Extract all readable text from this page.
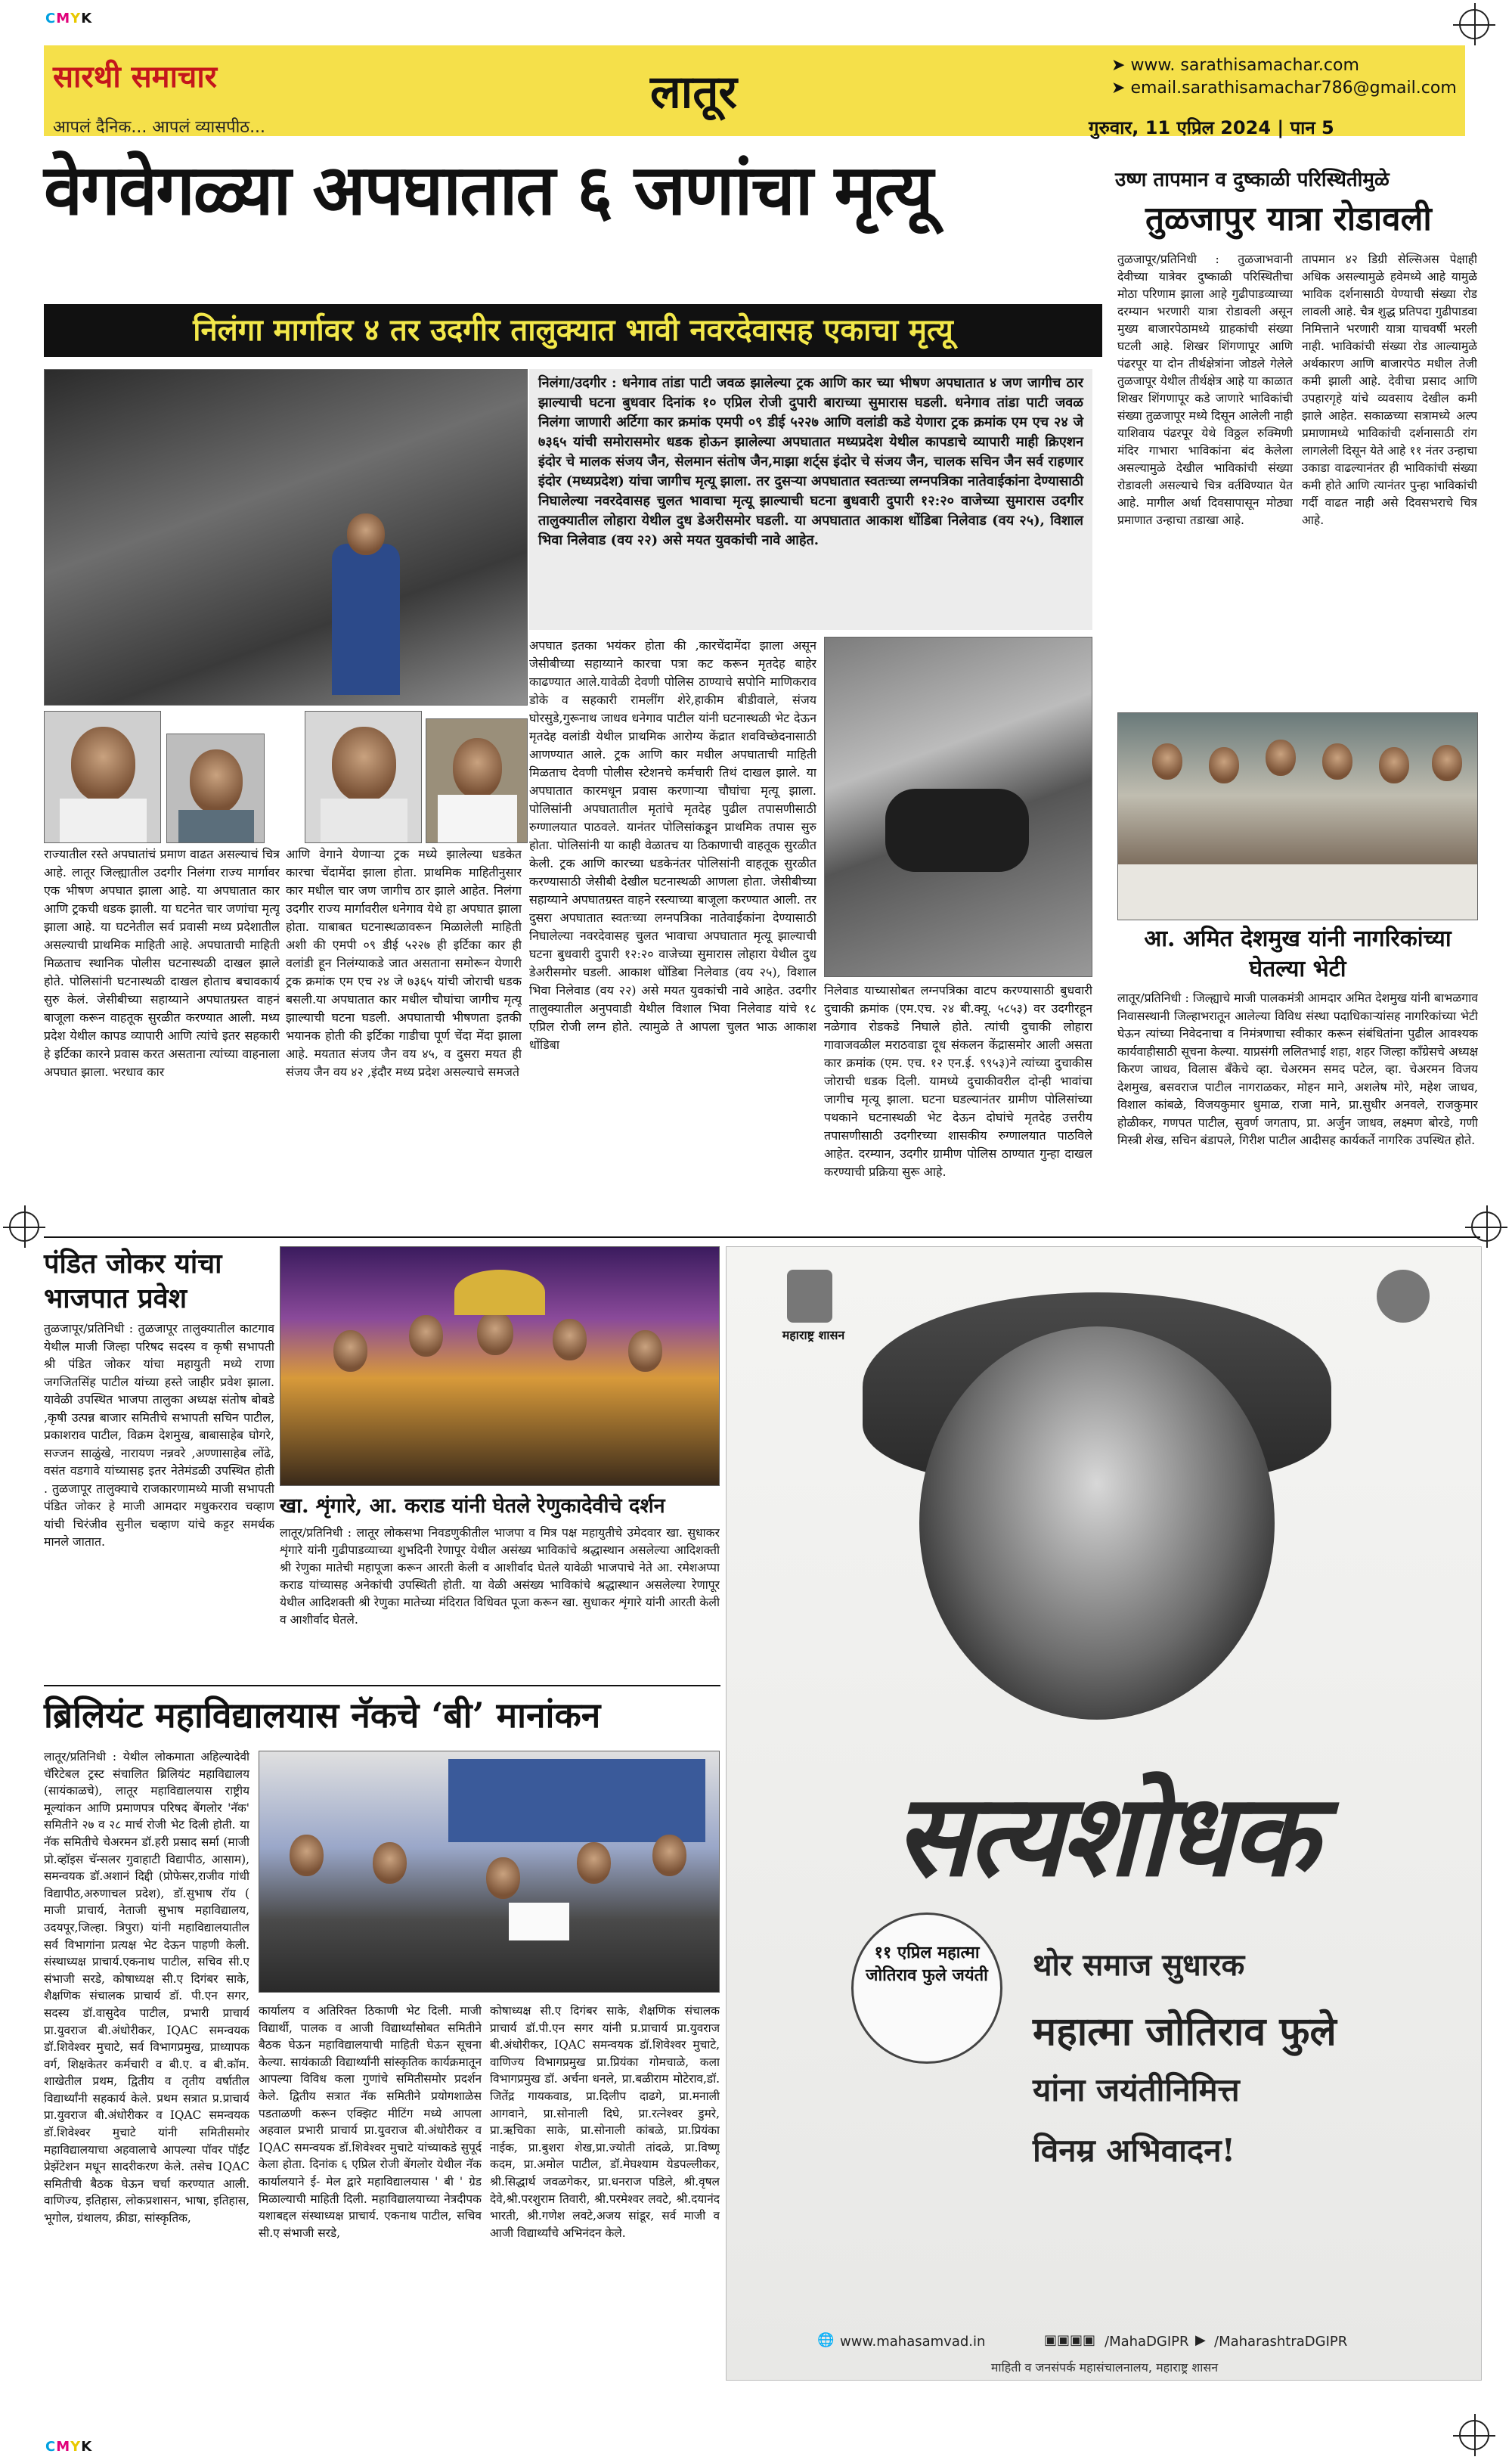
CMYK
CMYK
सारथी समाचार
आपलं दैनिक... आपलं व्यासपीठ...
लातूर
➤ www. sarathisamachar.com
➤ email.sarathisamachar786@gmail.com
गुरुवार, 11 एप्रिल 2024 | पान 5
वेगवेगळ्या अपघातात ६ जणांचा मृत्यू
निलंगा मार्गावर ४ तर उदगीर तालुक्यात भावी नवरदेवासह एकाचा मृत्यू
निलंगा/उदगीर : धनेगाव तांडा पाटी जवळ झालेल्या ट्रक आणि कार च्या भीषण अपघातात ४ जण जागीच ठार झाल्याची घटना बुधवार दिनांक १० एप्रिल रोजी दुपारी बाराच्या सुमारास घडली. धनेगाव तांडा पाटी जवळ निलंगा जाणारी अर्टिगा कार क्रमांक एमपी ०९ डीई ५२२७ आणि वलांडी कडे येणारा ट्रक क्रमांक एम एच २४ जे ७३६५ यांची समोरासमोर धडक होऊन झालेल्या अपघातात मध्यप्रदेश येथील कापडाचे व्यापारी माही क्रिएशन इंदोर चे मालक संजय जैन, सेलमान संतोष जैन,माझा शर्ट्स इंदोर चे संजय जैन, चालक सचिन जैन सर्व राहणार इंदोर (मध्यप्रदेश) यांचा जागीच मृत्यू झाला. तर दुसऱ्या अपघातात स्वतःच्या लग्नपत्रिका नातेवाईकांना देण्यासाठी निघालेल्या नवरदेवासह चुलत भावाचा मृत्यू झाल्याची घटना बुधवारी दुपारी १२:२० वाजेच्या सुमारास उदगीर तालुक्यातील लोहारा येथील दुध डेअरीसमोर घडली. या अपघातात आकाश धोंडिबा निलेवाड (वय २५), विशाल भिवा निलेवाड (वय २२) असे मयत युवकांची नावे आहेत.
राज्यातील रस्ते अपघातांचं प्रमाण वाढत असल्याचं चित्र आहे. लातूर जिल्ह्यातील उदगीर निलंगा राज्य मार्गावर एक भीषण अपघात झाला आहे. या अपघातात कार आणि ट्रकची धडक झाली. या घटनेत चार जणांचा मृत्यू झाला आहे. या घटनेतील सर्व प्रवासी मध्य प्रदेशातील असल्याची प्राथमिक माहिती आहे. अपघाताची माहिती मिळताच स्थानिक पोलीस घटनास्थळी दाखल झाले होते. पोलिसांनी घटनास्थळी दाखल होताच बचावकार्य सुरु केलं. जेसीबीच्या सहाय्याने अपघातग्रस्त वाहनं बाजूला करून वाहतूक सुरळीत करण्यात आली. मध्य प्रदेश येथील कापड व्यापारी आणि त्यांचे इतर सहकारी हे इर्टिका कारने प्रवास करत असताना त्यांच्या वाहनाला अपघात झाला. भरधाव कार
आणि वेगाने येणाऱ्या ट्रक मध्ये झालेल्या धडकेत कारचा चेंदामेंदा झाला होता. प्राथमिक माहितीनुसार कार मधील चार जण जागीच ठार झाले आहेत. निलंगा उदगीर राज्य मार्गावरील धनेगाव येथे हा अपघात झाला होता. याबाबत घटनास्थळावरून मिळालेली माहिती अशी की एमपी ०९ डीई ५२२७ ही इर्टिका कार ही वलांडी हून निलंग्याकडे जात असताना समोरून येणारी ट्रक क्रमांक एम एच २४ जे ७३६५ यांची जोराची धडक बसली.या अपघातात कार मधील चौघांचा जागीच मृत्यू झाल्याची घटना घडली. अपघाताची भीषणता इतकी भयानक होती की इर्टिका गाडीचा पूर्ण चेंदा मेंदा झाला आहे. मयतात संजय जैन वय ४५, व दुसरा मयत ही संजय जैन वय ४२ ,इंदौर मध्य प्रदेश असल्याचे समजते
अपघात इतका भयंकर होता की ,कारचेंदामेंदा झाला असून जेसीबीच्या सहाय्याने कारचा पत्रा कट करून मृतदेह बाहेर काढण्यात आले.यावेळी देवणी पोलिस ठाण्याचे सपोनि माणिकराव डोके व सहकारी रामलींग शेरे,हाकीम बीडीवाले, संजय घोरसुडे,गुरूनाथ जाधव धनेगाव पाटील यांनी घटनास्थळी भेट देऊन मृतदेह वलांडी येथील प्राथमिक आरोग्य केंद्रात शवविच्छेदनासाठी आणण्यात आले. ट्रक आणि कार मधील अपघाताची माहिती मिळताच देवणी पोलीस स्टेशनचे कर्मचारी तिथं दाखल झाले. या अपघातात कारमधून प्रवास करणाऱ्या चौघांचा मृत्यू झाला. पोलिसांनी अपघातातील मृतांचे मृतदेह पुढील तपासणीसाठी रुग्णालयात पाठवले. यानंतर पोलिसांकडून प्राथमिक तपास सुरु होता. पोलिसांनी या काही वेळातच या ठिकाणाची वाहतूक सुरळीत केली. ट्रक आणि कारच्या धडकेनंतर पोलिसांनी वाहतूक सुरळीत करण्यासाठी जेसीबी देखील घटनास्थळी आणला होता. जेसीबीच्या सहाय्याने अपघातग्रस्त वाहने रस्त्याच्या बाजूला करण्यात आली. तर दुसरा अपघातात स्वतःच्या लग्नपत्रिका नातेवाईकांना देण्यासाठी निघालेल्या नवरदेवासह चुलत भावाचा अपघातात मृत्यू झाल्याची घटना बुधवारी दुपारी १२:२० वाजेच्या सुमारास लोहारा येथील दुध डेअरीसमोर घडली. आकाश धोंडिबा निलेवाड (वय २५), विशाल भिवा निलेवाड (वय २२) असे मयत युवकांची नावे आहेत. उदगीर तालुक्यातील अनुपवाडी येथील विशाल भिवा निलेवाड यांचे १८ एप्रिल रोजी लग्न होते. त्यामुळे ते आपला चुलत भाऊ आकाश धोंडिबा
निलेवाड याच्यासोबत लग्नपत्रिका वाटप करण्यासाठी बुधवारी दुचाकी क्रमांक (एम.एच. २४ बी.क्यू. ५८५३) वर उदगीरहून नळेगाव रोडकडे निघाले होते. त्यांची दुचाकी लोहारा गावाजवळील मराठवाडा दूध संकलन केंद्रासमोर आली असता कार क्रमांक (एम. एच. १२ एन.ई. ९९५३)ने त्यांच्या दुचाकीस जोराची धडक दिली. यामध्ये दुचाकीवरील दोन्ही भावांचा जागीच मृत्यू झाला. घटना घडल्यानंतर ग्रामीण पोलिसांच्या पथकाने घटनास्थळी भेट देऊन दोघांचे मृतदेह उत्तरीय तपासणीसाठी उदगीरच्या शासकीय रुग्णालयात पाठविले आहेत. दरम्यान, उदगीर ग्रामीण पोलिस ठाण्यात गुन्हा दाखल करण्याची प्रक्रिया सुरू आहे.
उष्ण तापमान व दुष्काळी परिस्थितीमुळे
तुळजापुर यात्रा रोडावली
तुळजापूर/प्रतिनिधी : तुळजाभवानी देवीच्या यात्रेवर दुष्काळी परिस्थितीचा मोठा परिणाम झाला आहे गुढीपाडव्याच्या दरम्यान भरणारी यात्रा रोडावली असून मुख्य बाजारपेठामध्ये ग्राहकांची संख्या घटली आहे. शिखर शिंगणापूर आणि पंढरपूर या दोन तीर्थक्षेत्रांना जोडले गेलेले तुळजापूर येथील तीर्थक्षेत्र आहे या काळात शिखर शिंगणापूर कडे जाणारे भाविकांची संख्या तुळजापूर मध्ये दिसून आलेली नाही याशिवाय पंढरपूर येथे विठ्ठल रुक्मिणी मंदिर गाभारा भाविकांना बंद केलेला असल्यामुळे देखील भाविकांची संख्या रोडावली असल्याचे चित्र वर्तविण्यात येत आहे. मागील अर्धा दिवसापासून मोठ्या प्रमाणात उन्हाचा तडाखा आहे.
तापमान ४२ डिग्री सेल्सिअस पेक्षाही अधिक असल्यामुळे हवेमध्ये आहे यामुळे भाविक दर्शनासाठी येण्याची संख्या रोड लावली आहे. चैत्र शुद्ध प्रतिपदा गुढीपाडवा निमित्ताने भरणारी यात्रा याचवर्षी भरली नाही. भाविकांची संख्या रोड आल्यामुळे अर्थकारण आणि बाजारपेठ मधील तेजी कमी झाली आहे. देवीचा प्रसाद आणि उपहारगृहे यांचे व्यवसाय देखील कमी झाले आहेत. सकाळच्या सत्रामध्ये अल्प प्रमाणामध्ये भाविकांची दर्शनासाठी रांग लागलेली दिसून येते आहे ११ नंतर उन्हाचा उकाडा वाढल्यानंतर ही भाविकांची संख्या कमी होते आणि त्यानंतर पुन्हा भाविकांची गर्दी वाढत नाही असे दिवसभराचे चित्र आहे.
आ. अमित देशमुख यांनी नागरिकांच्या घेतल्या भेटी
लातूर/प्रतिनिधी : जिल्ह्याचे माजी पालकमंत्री आमदार अमित देशमुख यांनी बाभळगाव निवासस्थानी जिल्हाभरातून आलेल्या विविध संस्था पदाधिकाऱ्यांसह नागरिकांच्या भेटी घेऊन त्यांच्या निवेदनाचा व निमंत्रणाचा स्वीकार करून संबंधितांना पुढील आवश्यक कार्यवाहीसाठी सूचना केल्या. याप्रसंगी ललितभाई शहा, शहर जिल्हा काँग्रेसचे अध्यक्ष किरण जाधव, विलास बँकेचे व्हा. चेअरमन समद पटेल, व्हा. चेअरमन विजय देशमुख, बसवराज पाटील नागराळकर, मोहन माने, अशलेष मोरे, महेश जाधव, विशाल कांबळे, विजयकुमार धुमाळ, राजा माने, प्रा.सुधीर अनवले, राजकुमार होळीकर, गणपत पाटील, सुवर्ण जगताप, प्रा. अर्जुन जाधव, लक्ष्मण बोरडे, गणी मिस्त्री शेख, सचिन बंडापले, गिरीश पाटील आदीसह कार्यकर्ते नागरिक उपस्थित होते.
पंडित जोकर यांचा भाजपात प्रवेश
तुळजापूर/प्रतिनिधी : तुळजापूर तालुक्यातील काटगाव येथील माजी जिल्हा परिषद सदस्य व कृषी सभापती श्री पंडित जोकर यांचा महायुती मध्ये राणा जगजितसिंह पाटील यांच्या हस्ते जाहीर प्रवेश झाला. यावेळी उपस्थित भाजपा तालुका अध्यक्ष संतोष बोबडे ,कृषी उत्पन्न बाजार समितीचे सभापती सचिन पाटील, प्रकाशराव पाटील, विक्रम देशमुख, बाबासाहेब घोगरे, सज्जन साळुंखे, नारायण नन्नवरे ,अण्णासाहेब लोंढे, वसंत वडगावे यांच्यासह इतर नेतेमंडळी उपस्थित होती . तुळजापूर तालुक्याचे राजकारणामध्ये माजी सभापती पंडित जोकर हे माजी आमदार मधुकरराव चव्हाण यांची चिरंजीव सुनील चव्हाण यांचे कट्टर समर्थक मानले जातात.
खा. शृंगारे, आ. कराड यांनी घेतले रेणुकादेवीचे दर्शन
लातूर/प्रतिनिधी : लातूर लोकसभा निवडणुकीतील भाजपा व मित्र पक्ष महायुतीचे उमेदवार खा. सुधाकर शृंगारे यांनी गुढीपाडव्याच्या शुभदिनी रेणापूर येथील असंख्य भाविकांचे श्रद्धास्थान असलेल्या आदिशक्ती श्री रेणुका मातेची महापूजा करून आरती केली व आशीर्वाद घेतले यावेळी भाजपाचे नेते आ. रमेशअप्पा कराड यांच्यासह अनेकांची उपस्थिती होती. या वेळी असंख्य भाविकांचे श्रद्धास्थान असलेल्या रेणापूर येथील आदिशक्ती श्री रेणुका मातेच्या मंदिरात विधिवत पूजा करून खा. सुधाकर शृंगारे यांनी आरती केली व आशीर्वाद घेतले.
ब्रिलियंट महाविद्यालयास नॅकचे ‘बी’ मानांकन
लातूर/प्रतिनिधी : येथील लोकमाता अहिल्यादेवी चॅरिटेबल ट्रस्ट संचालित ब्रिलियंट महाविद्यालय (सायंकाळचे), लातूर महाविद्यालयास राष्ट्रीय मूल्यांकन आणि प्रमाणपत्र परिषद बेंगलोर 'नॅक' समितीने २७ व २८ मार्च रोजी भेट दिली होती. या नॅक समितीचे चेअरमन डॉ.हरी प्रसाद सर्मा (माजी प्रो.व्हॉइस चॅन्सलर गुवाहाटी विद्यापीठ, आसाम), समन्वयक डॉ.अशानं दिद्दी (प्रोफेसर,राजीव गांधी विद्यापीठ,अरुणाचल प्रदेश), डॉ.सुभाष रॉय ( माजी प्राचार्य, नेताजी सुभाष महाविद्यालय, उदयपूर,जिल्हा. त्रिपुरा) यांनी महाविद्यालयातील सर्व विभागांना प्रत्यक्ष भेट देऊन पाहणी केली. संस्थाध्यक्ष प्राचार्य.एकनाथ पाटील, सचिव सी.ए संभाजी सरडे, कोषाध्यक्ष सी.ए दिगंबर साके, शैक्षणिक संचालक प्राचार्य डॉ. पी.एन सगर, सदस्य डॉ.वासुदेव पाटील, प्रभारी प्राचार्य प्रा.युवराज बी.अंधोरीकर, IQAC समन्वयक डॉ.शिवेश्वर मुचाटे, सर्व विभागप्रमुख, प्राध्यापक वर्ग, शिक्षकेतर कर्मचारी व बी.ए. व बी.कॉम. शाखेतील प्रथम, द्वितीय व तृतीय वर्षातील विद्यार्थ्यांनी सहकार्य केले. प्रथम सत्रात प्र.प्राचार्य प्रा.युवराज बी.अंधोरीकर व IQAC समन्वयक डॉ.शिवेश्वर मुचाटे यांनी समितीसमोर महाविद्यालयाचा अहवालाचे आपल्या पॉवर पॉईंट प्रेझेंटेशन मधून सादरीकरण केले. तसेच IQAC समितीची बैठक घेऊन चर्चा करण्यात आली. वाणिज्य, इतिहास, लोकप्रशासन, भाषा, इतिहास, भूगोल, ग्रंथालय, क्रीडा, सांस्कृतिक,
कार्यालय व अतिरिक्त ठिकाणी भेट दिली. माजी विद्यार्थी, पालक व आजी विद्यार्थ्यांसोबत समितीने बैठक घेऊन महाविद्यालयाची माहिती घेऊन सूचना केल्या. सायंकाळी विद्यार्थ्यांनी सांस्कृतिक कार्यक्रमातून आपल्या विविध कला गुणांचे समितीसमोर प्रदर्शन केले. द्वितीय सत्रात नॅक समितीने प्रयोगशाळेस पडताळणी करून एक्झिट मीटिंग मध्ये आपला अहवाल प्रभारी प्राचार्य प्रा.युवराज बी.अंधोरीकर व IQAC समन्वयक डॉ.शिवेश्वर मुचाटे यांच्याकडे सुपूर्द केला होता. दिनांक ६ एप्रिल रोजी बेंगलोर येथील नॅक कार्यालयाने ई- मेल द्वारे महाविद्यालयास ' बी ' ग्रेड मिळाल्याची माहिती दिली. महाविद्यालयाच्या नेत्रदीपक यशाबद्दल संस्थाध्यक्ष प्राचार्य. एकनाथ पाटील, सचिव सी.ए संभाजी सरडे,
कोषाध्यक्ष सी.ए दिगंबर साके, शैक्षणिक संचालक प्राचार्य डॉ.पी.एन सगर यांनी प्र.प्राचार्य प्रा.युवराज बी.अंधोरीकर, IQAC समन्वयक डॉ.शिवेश्वर मुचाटे, वाणिज्य विभागप्रमुख प्रा.प्रियंका गोमचाळे, कला विभागप्रमुख डॉ. अर्चना धनले, प्रा.बळीराम मोटेराव,डॉ. जितेंद्र गायकवाड, प्रा.दिलीप दाढगे, प्रा.मनाली आगवाने, प्रा.सोनाली दिघे, प्रा.रत्नेश्वर डुमरे, प्रा.ऋचिका साके, प्रा.सोनाली कांबळे, प्रा.प्रियंका नाईक, प्रा.बुशरा शेख,प्रा.ज्योती तांदळे, प्रा.विष्णू कदम, प्रा.अमोल पाटील, डॉ.मेघश्याम येडपल्लीकर, श्री.सिद्धार्थ जवळगेकर, प्रा.धनराज पडिले, श्री.वृषल देवे,श्री.परशुराम तिवारी, श्री.परमेश्वर लवटे, श्री.दयानंद भारती, श्री.गणेश लवटे,अजय सांडूर, सर्व माजी व आजी विद्यार्थ्यांचे अभिनंदन केले.
महाराष्ट्र शासन
सत्यशोधक
११ एप्रिल महात्मा जोतिराव फुले जयंती	थोर समाज सुधारक
महात्मा जोतिराव फुले
यांना जयंतीनिमित्त
विनम्र अभिवादन!
🌐 www.mahasamvad.in	▣▣▣▣ /MahaDGIPR ▶ /MaharashtraDGIPR
माहिती व जनसंपर्क महासंचालनालय, महाराष्ट्र शासन
